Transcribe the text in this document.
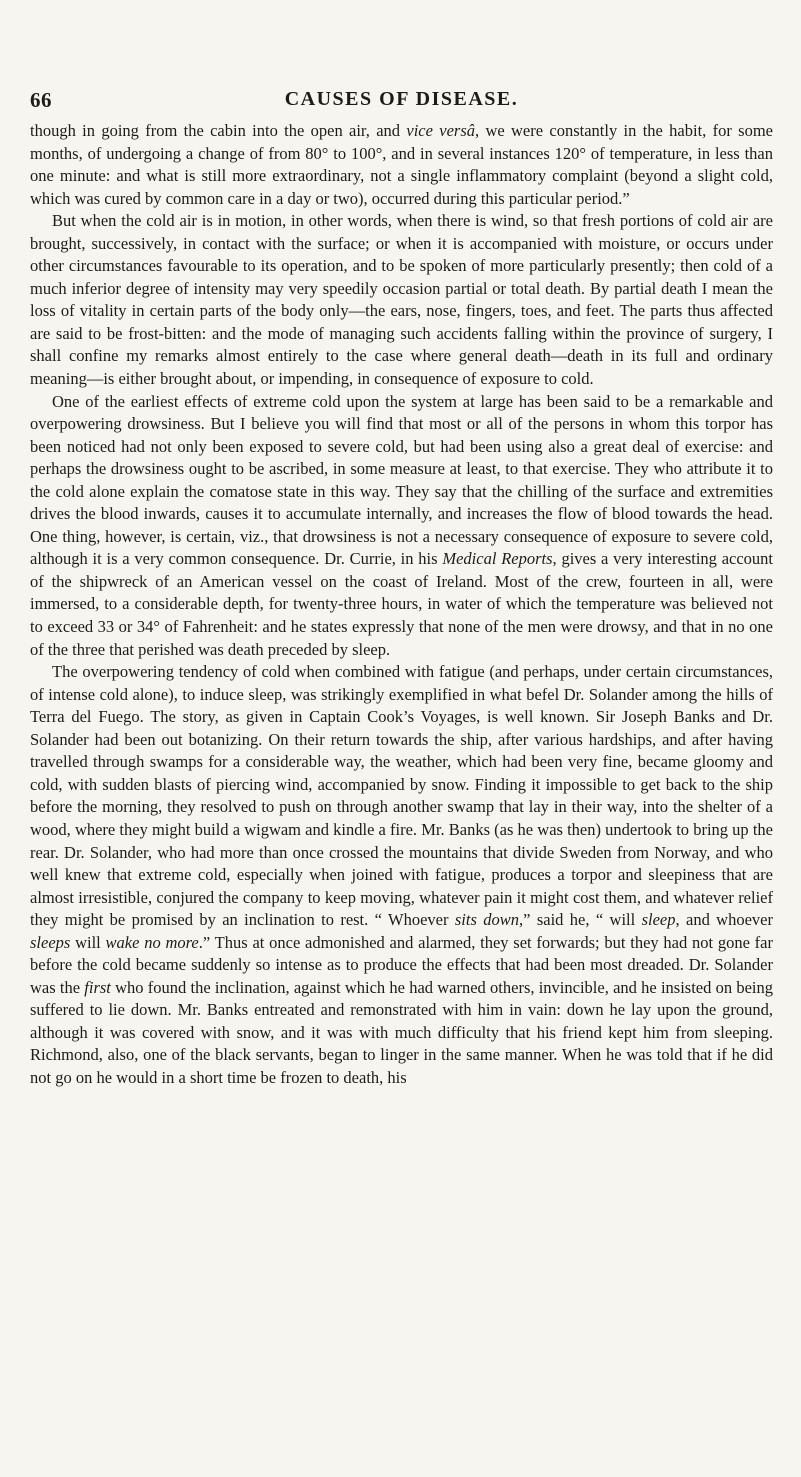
66	CAUSES OF DISEASE.

though in going from the cabin into the open air, and vice versâ, we were constantly in the habit, for some months, of undergoing a change of from 80° to 100°, and in several instances 120° of temperature, in less than one minute: and what is still more extraordinary, not a single inflammatory complaint (beyond a slight cold, which was cured by common care in a day or two), occurred during this particular period.”

But when the cold air is in motion, in other words, when there is wind, so that fresh portions of cold air are brought, successively, in contact with the surface; or when it is accompanied with moisture, or occurs under other circumstances favourable to its operation, and to be spoken of more particularly presently; then cold of a much inferior degree of intensity may very speedily occasion partial or total death. By partial death I mean the loss of vitality in certain parts of the body only—the ears, nose, fingers, toes, and feet. The parts thus affected are said to be frost-bitten: and the mode of managing such accidents falling within the province of surgery, I shall confine my remarks almost entirely to the case where general death—death in its full and ordinary meaning—is either brought about, or impending, in consequence of exposure to cold.

One of the earliest effects of extreme cold upon the system at large has been said to be a remarkable and overpowering drowsiness. But I believe you will find that most or all of the persons in whom this torpor has been noticed had not only been exposed to severe cold, but had been using also a great deal of exercise: and perhaps the drowsiness ought to be ascribed, in some measure at least, to that exercise. They who attribute it to the cold alone explain the comatose state in this way. They say that the chilling of the surface and extremities drives the blood inwards, causes it to accumulate internally, and increases the flow of blood towards the head. One thing, however, is certain, viz., that drowsiness is not a necessary consequence of exposure to severe cold, although it is a very common consequence. Dr. Currie, in his Medical Reports, gives a very interesting account of the shipwreck of an American vessel on the coast of Ireland. Most of the crew, fourteen in all, were immersed, to a considerable depth, for twenty-three hours, in water of which the temperature was believed not to exceed 33 or 34° of Fahrenheit: and he states expressly that none of the men were drowsy, and that in no one of the three that perished was death preceded by sleep.

The overpowering tendency of cold when combined with fatigue (and perhaps, under certain circumstances, of intense cold alone), to induce sleep, was strikingly exemplified in what befel Dr. Solander among the hills of Terra del Fuego. The story, as given in Captain Cook’s Voyages, is well known. Sir Joseph Banks and Dr. Solander had been out botanizing. On their return towards the ship, after various hardships, and after having travelled through swamps for a considerable way, the weather, which had been very fine, became gloomy and cold, with sudden blasts of piercing wind, accompanied by snow. Finding it impossible to get back to the ship before the morning, they resolved to push on through another swamp that lay in their way, into the shelter of a wood, where they might build a wigwam and kindle a fire. Mr. Banks (as he was then) undertook to bring up the rear. Dr. Solander, who had more than once crossed the mountains that divide Sweden from Norway, and who well knew that extreme cold, especially when joined with fatigue, produces a torpor and sleepiness that are almost irresistible, conjured the company to keep moving, whatever pain it might cost them, and whatever relief they might be promised by an inclination to rest. “ Whoever sits down,” said he, “ will sleep, and whoever sleeps will wake no more.” Thus at once admonished and alarmed, they set forwards; but they had not gone far before the cold became suddenly so intense as to produce the effects that had been most dreaded. Dr. Solander was the first who found the inclination, against which he had warned others, invincible, and he insisted on being suffered to lie down. Mr. Banks entreated and remonstrated with him in vain: down he lay upon the ground, although it was covered with snow, and it was with much difficulty that his friend kept him from sleeping. Richmond, also, one of the black servants, began to linger in the same manner. When he was told that if he did not go on he would in a short time be frozen to death, his
